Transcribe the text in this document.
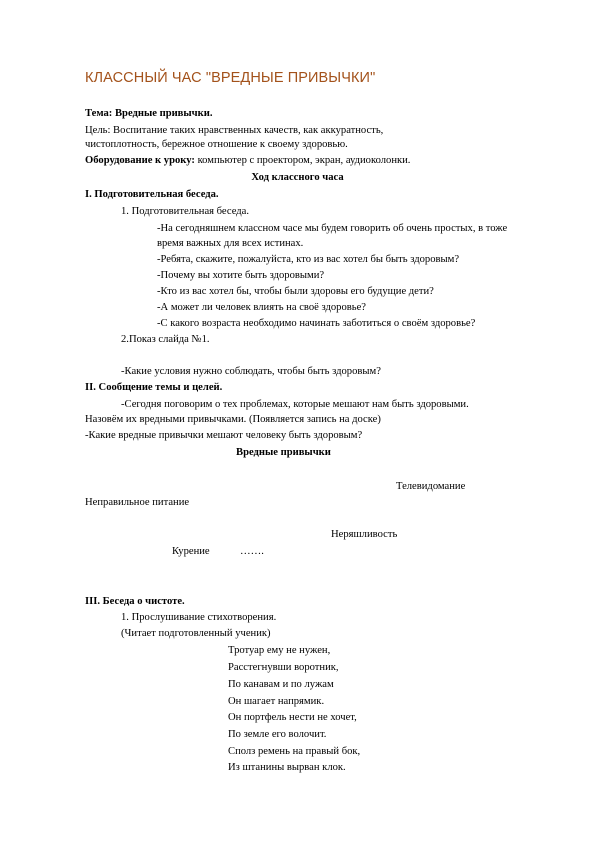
КЛАССНЫЙ ЧАС "ВРЕДНЫЕ ПРИВЫЧКИ"
Тема: Вредные привычки.
Цель: Воспитание таких нравственных качеств, как аккуратность,
чистоплотность, бережное отношение к своему здоровью.
Оборудование к уроку: компьютер с проектором, экран, аудиоколонки.
Ход классного часа
I. Подготовительная беседа.
1. Подготовительная беседа.
-На сегодняшнем классном часе мы будем говорить об очень простых, в тоже
время важных для всех истинах.
-Ребята, скажите, пожалуйста, кто из вас хотел бы быть здоровым?
-Почему вы хотите быть здоровыми?
-Кто из вас хотел бы, чтобы были здоровы его будущие дети?
-А может ли человек влиять на своё здоровье?
-С какого возраста необходимо начинать заботиться о своём здоровье?
2.Показ слайда №1.
-Какие условия нужно соблюдать, чтобы быть здоровым?
II. Сообщение темы и целей.
-Сегодня поговорим о тех проблемах, которые мешают нам быть здоровыми.
Назовём их вредными привычками. (Появляется запись на доске)
-Какие вредные привычки мешают человеку быть здоровым?
Вредные привычки
Телевидомание
Неправильное питание
Неряшливость
Курение	…….
III. Беседа о чистоте.
1. Прослушивание стихотворения.
(Читает подготовленный ученик)
Тротуар ему не нужен,
Расстегнувши воротник,
По канавам и по лужам
Он шагает напрямик.
Он портфель нести не хочет,
По земле его волочит.
Сполз ремень на правый бок,
Из штанины вырван клок.
